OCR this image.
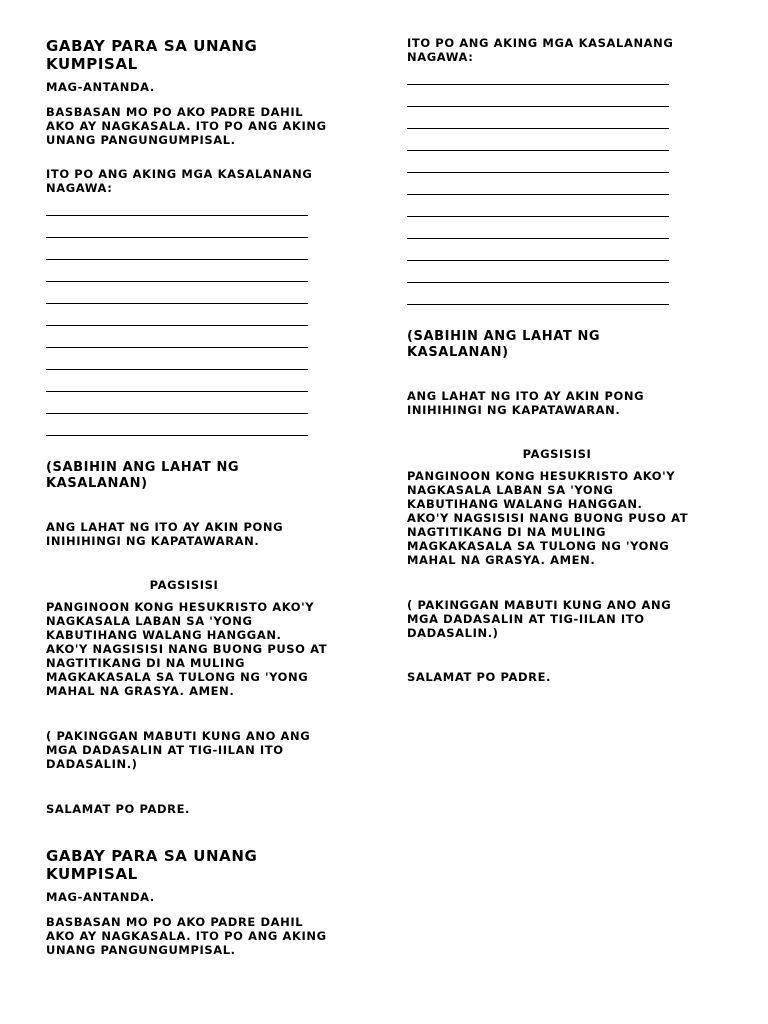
GABAY PARA SA UNANG
KUMPISAL
MAG-ANTANDA.
BASBASAN MO PO AKO PADRE DAHIL
AKO AY NAGKASALA. ITO PO ANG AKING
UNANG PANGUNGUMPISAL.
ITO PO ANG AKING MGA KASALANANG
NAGAWA:
(SABIHIN ANG LAHAT NG
KASALANAN)
ANG LAHAT NG ITO AY AKIN PONG
INIHIHINGI NG KAPATAWARAN.
PAGSISISI
PANGINOON KONG HESUKRISTO AKO'Y
NAGKASALA LABAN SA 'YONG
KABUTIHANG WALANG HANGGAN.
AKO'Y NAGSISISI NANG BUONG PUSO AT
NAGTITIKANG DI NA MULING
MAGKAKASALA SA TULONG NG 'YONG
MAHAL NA GRASYA. AMEN.
( PAKINGGAN MABUTI KUNG ANO ANG
MGA DADASALIN AT TIG-IILAN ITO
DADASALIN.)
SALAMAT PO PADRE.
GABAY PARA SA UNANG
KUMPISAL
MAG-ANTANDA.
BASBASAN MO PO AKO PADRE DAHIL
AKO AY NAGKASALA. ITO PO ANG AKING
UNANG PANGUNGUMPISAL.
ITO PO ANG AKING MGA KASALANANG
NAGAWA:
(SABIHIN ANG LAHAT NG
KASALANAN)
ANG LAHAT NG ITO AY AKIN PONG
INIHIHINGI NG KAPATAWARAN.
PAGSISISI
PANGINOON KONG HESUKRISTO AKO'Y
NAGKASALA LABAN SA 'YONG
KABUTIHANG WALANG HANGGAN.
AKO'Y NAGSISISI NANG BUONG PUSO AT
NAGTITIKANG DI NA MULING
MAGKAKASALA SA TULONG NG 'YONG
MAHAL NA GRASYA. AMEN.
( PAKINGGAN MABUTI KUNG ANO ANG
MGA DADASALIN AT TIG-IILAN ITO
DADASALIN.)
SALAMAT PO PADRE.
